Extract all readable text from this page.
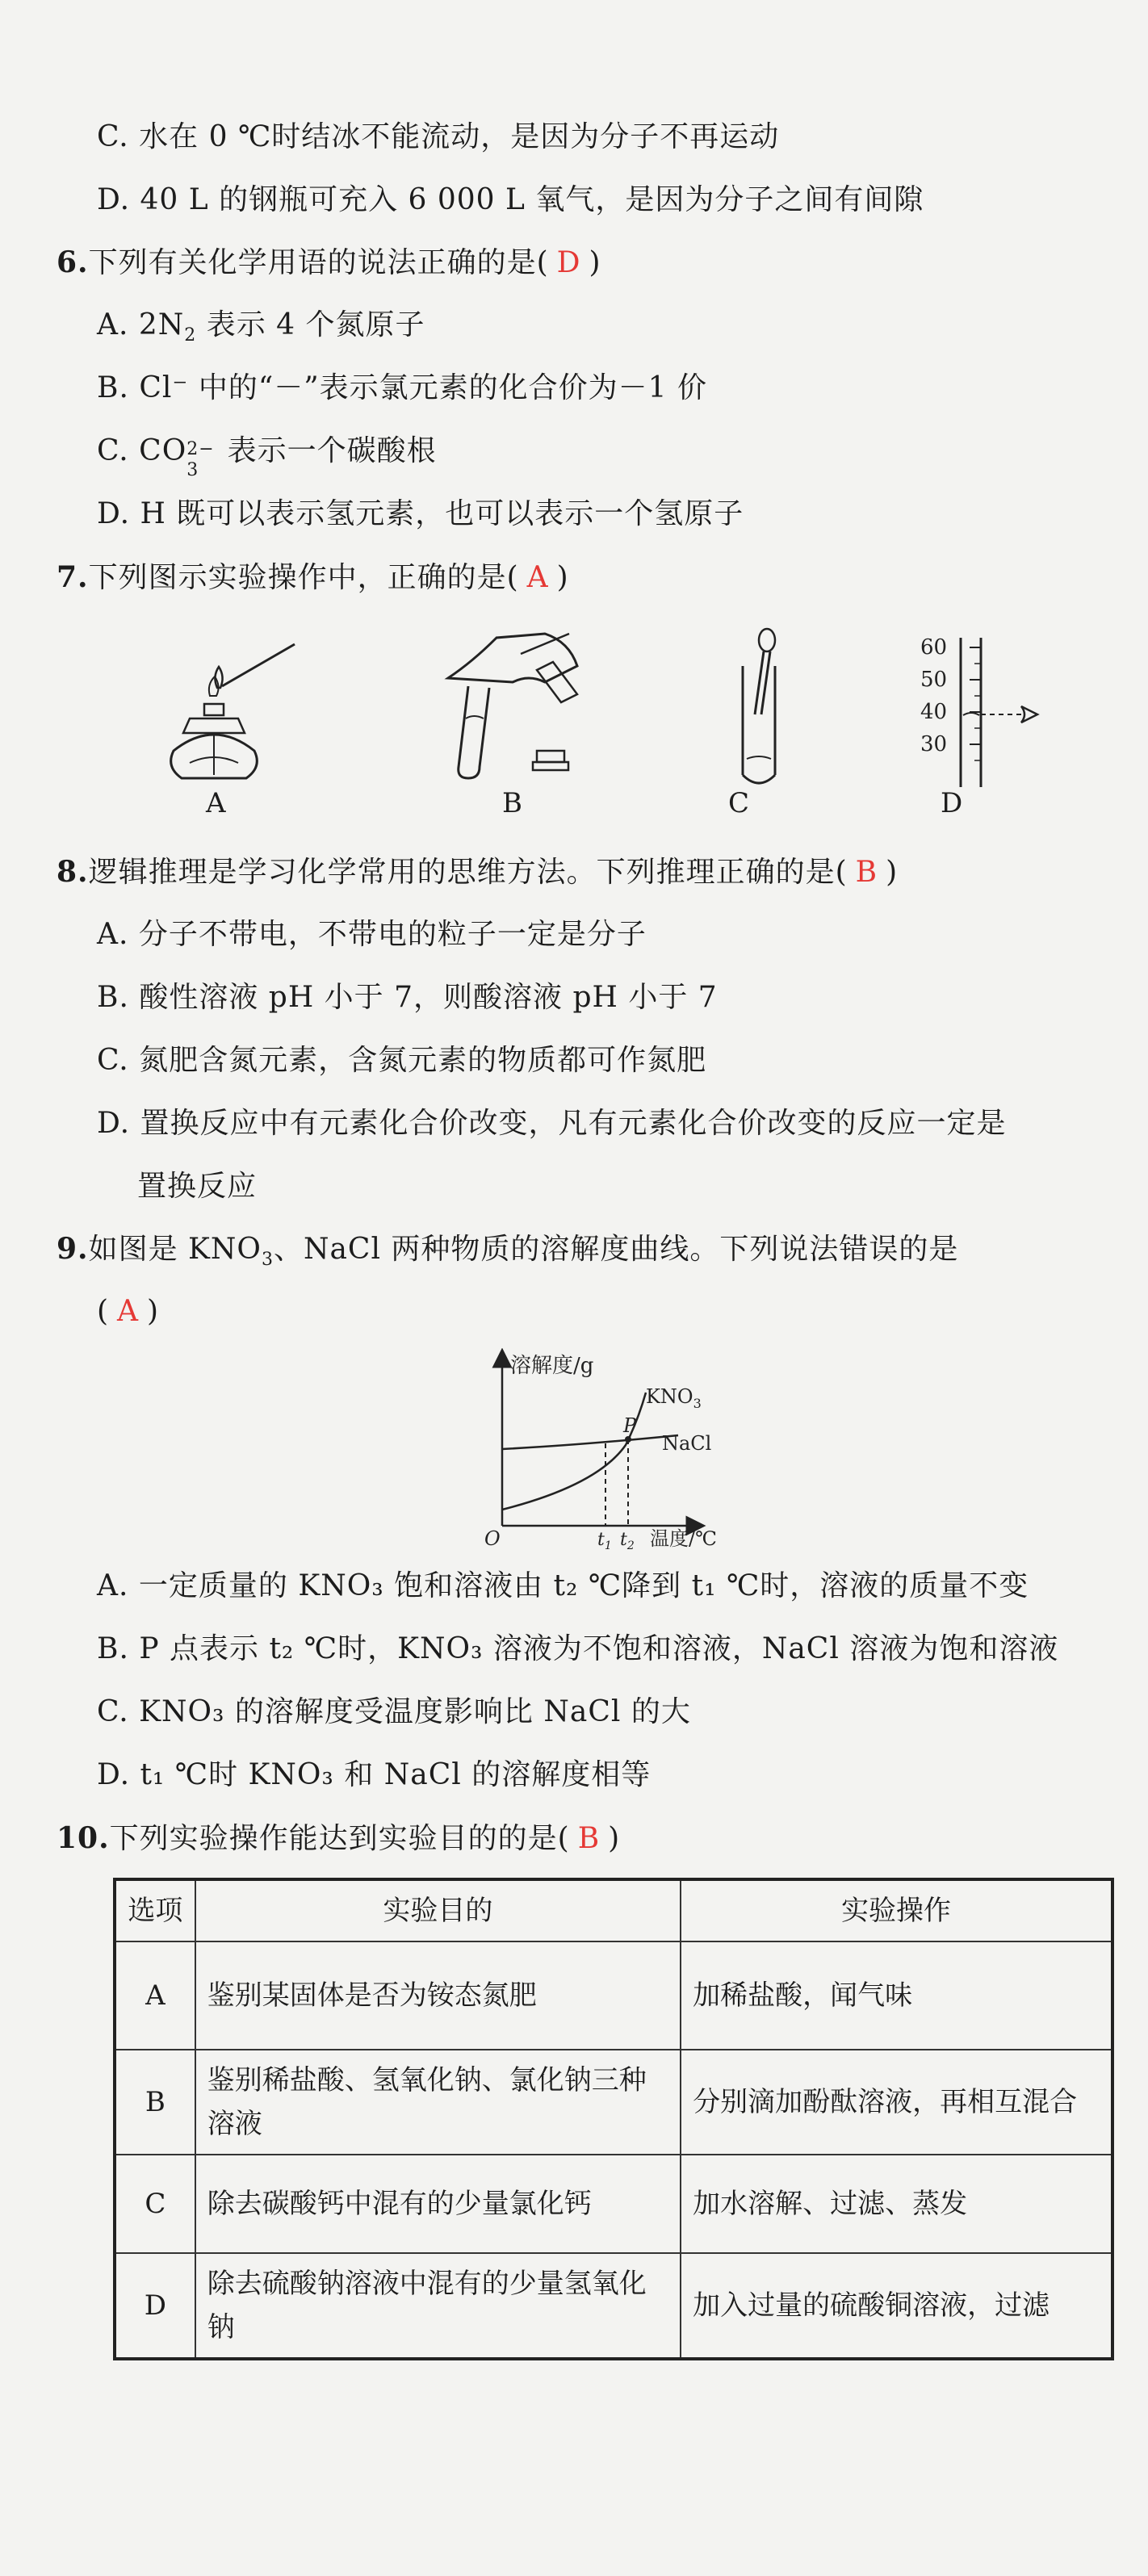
C. 水在 0 ℃时结冰不能流动，是因为分子不再运动
D. 40 L 的钢瓶可充入 6 000 L 氧气，是因为分子之间有间隙
6.下列有关化学用语的说法正确的是( D )
A. $2N_2$ 表示 4 个氮原子
B. Cl⁻ 中的“－”表示氯元素的化合价为－1 价
C. CO 2−
3
表示一个碳酸根
D. H 既可以表示氢元素，也可以表示一个氢原子
7.下列图示实验操作中，正确的是( A )
A	B	C
60
50
40
30
D
8.逻辑推理是学习化学常用的思维方法。下列推理正确的是( B )
A. 分子不带电，不带电的粒子一定是分子
B. 酸性溶液 pH 小于 7，则酸溶液 pH 小于 7
C. 氮肥含氮元素，含氮元素的物质都可作氮肥
D. 置换反应中有元素化合价改变，凡有元素化合价改变的反应一定是
置换反应
9.如图是 $KNO_3$、NaCl 两种物质的溶解度曲线。下列说法错误的是
( A )
溶解度/g
$KNO_3$
NaCl
P
O	$t_1$ $t_2$ 温度/℃
A. 一定质量的 KNO₃ 饱和溶液由 t₂ ℃降到 t₁ ℃时，溶液的质量不变
B. P 点表示 t₂ ℃时，KNO₃ 溶液为不饱和溶液，NaCl 溶液为饱和溶液
C. KNO₃ 的溶解度受温度影响比 NaCl 的大
D. t₁ ℃时 KNO₃ 和 NaCl 的溶解度相等
10.下列实验操作能达到实验目的的是( B )
选项	实验目的	实验操作
A	鉴别某固体是否为铵态氮肥	加稀盐酸，闻气味
B	鉴别稀盐酸、氢氧化钠、氯化钠三种溶液	分别滴加酚酞溶液，再相互混合
C	除去碳酸钙中混有的少量氯化钙	加水溶解、过滤、蒸发
D	除去硫酸钠溶液中混有的少量氢氧化钠	加入过量的硫酸铜溶液，过滤
